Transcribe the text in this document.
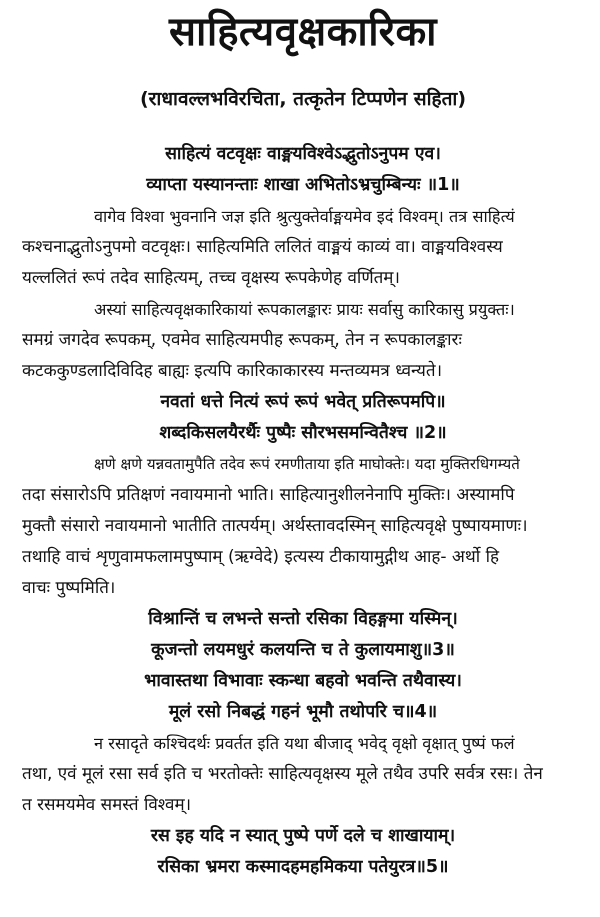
साहित्यवृक्षकारिका
(राधावल्लभविरचिता, तत्कृतेन टिप्पणेन सहिता)

साहित्यं वटवृक्षः वाङ्मयविश्वेऽद्भुतोऽनुपम एव।

व्याप्ता यस्यानन्ताः शाखा अभितोऽभ्रचुम्बिन्यः ॥1॥

वागेव विश्वा भुवनानि जज्ञ इति श्रुत्युक्तेर्वाङ्मयमेव इदं विश्वम्। तत्र साहित्यं
कश्चनाद्भुतोऽनुपमो वटवृक्षः। साहित्यमिति ललितं वाङ्मयं काव्यं वा। वाङ्मयविश्वस्य
यल्ललितं रूपं तदेव साहित्यम्, तच्च वृक्षस्य रूपकेणेह वर्णितम्।
अस्यां साहित्यवृक्षकारिकायां रूपकालङ्कारः प्रायः सर्वासु कारिकासु प्रयुक्तः।
समग्रं जगदेव रूपकम्, एवमेव साहित्यमपीह रूपकम्, तेन न रूपकालङ्कारः
कटककुण्डलादिविदिह बाह्यः इत्यपि कारिकाकारस्य मन्तव्यमत्र ध्वन्यते।

नवतां धत्ते नित्यं रूपं रूपं भवेत् प्रतिरूपमपि॥

शब्दकिसलयैरर्थैः पुष्पैः सौरभसमन्वितैश्च ॥2॥

क्षणे क्षणे यन्नवतामुपैति तदेव रूपं रमणीताया इति माघोक्तेः। यदा मुक्तिरधिगम्यते
तदा संसारोऽपि प्रतिक्षणं नवायमानो भाति। साहित्यानुशीलनेनापि मुक्तिः। अस्यामपि
मुक्तौ संसारो नवायमानो भातीति तात्पर्यम्। अर्थस्तावदस्मिन् साहित्यवृक्षे पुष्पायमाणः।
तथाहि वाचं शृणुवामफलामपुष्पाम् (ऋग्वेदे) इत्यस्य टीकायामुद्गीथ आह- अर्थो हि
वाचः पुष्पमिति।

विश्रान्तिं च लभन्ते सन्तो रसिका विहङ्गमा यस्मिन्।

कूजन्तो लयमधुरं कलयन्ति च ते कुलायमाशु॥3॥

भावास्तथा विभावाः स्कन्धा बहवो भवन्ति तथैवास्य।

मूलं रसो निबद्धं गहनं भूमौ तथोपरि च॥4॥

न रसादृते कश्चिदर्थः प्रवर्तत इति यथा बीजाद् भवेद् वृक्षो वृक्षात् पुष्पं फलं
तथा, एवं मूलं रसा सर्व इति च भरतोक्तेः साहित्यवृक्षस्य मूले तथैव उपरि सर्वत्र रसः। तेन
त रसमयमेव समस्तं विश्वम्।

रस इह यदि न स्यात् पुष्पे पर्णे दले च शाखायाम्।

रसिका भ्रमरा कस्मादहमहमिकया पतेयुरत्र॥5॥
